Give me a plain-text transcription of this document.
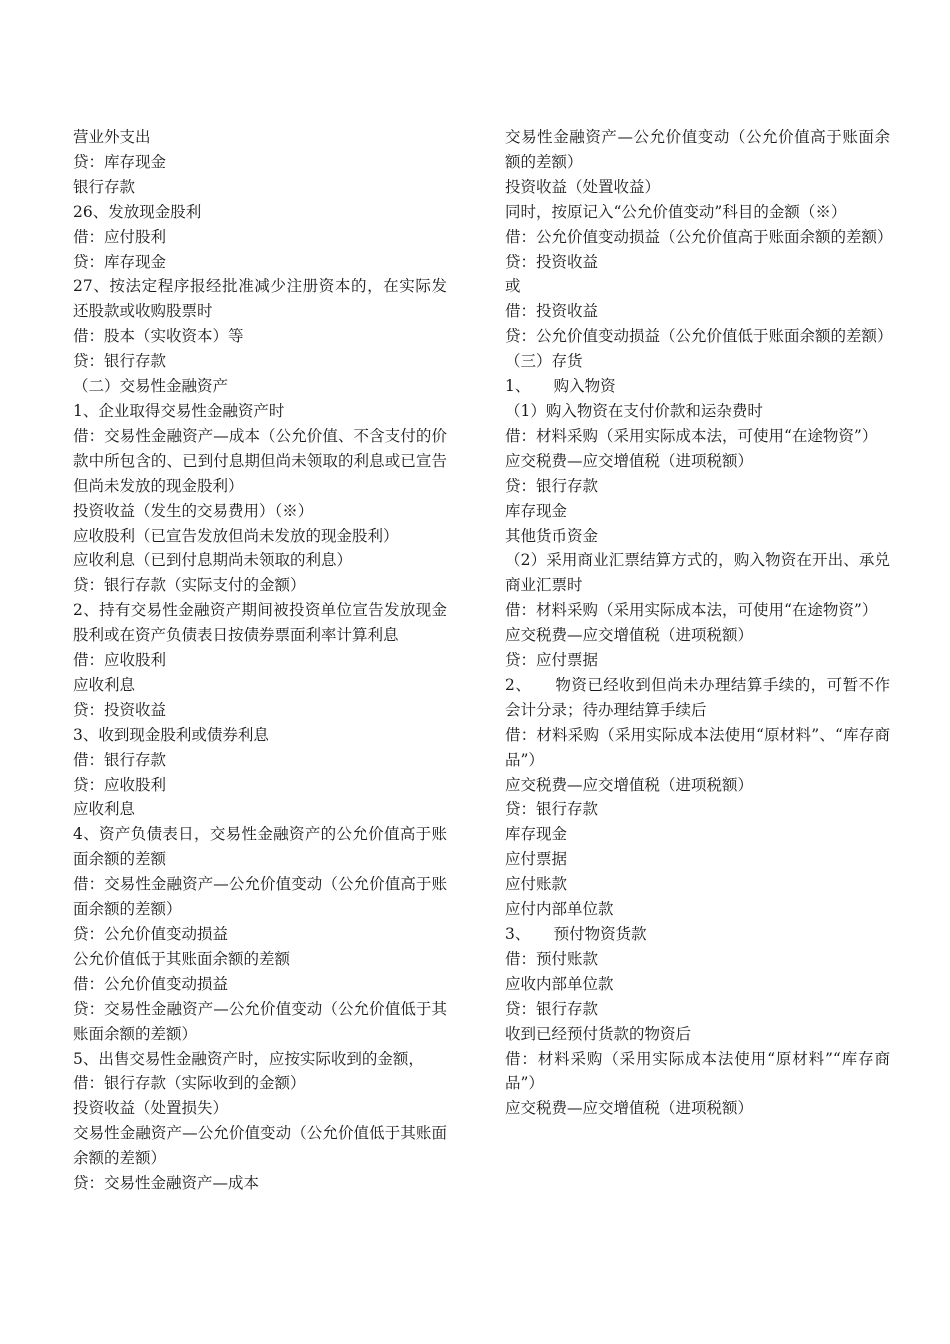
营业外支出

贷：库存现金

银行存款

26、发放现金股利

借：应付股利

贷：库存现金

27、按法定程序报经批准减少注册资本的，在实际发还股款或收购股票时

借：股本（实收资本）等

贷：银行存款

（二）交易性金融资产

1、企业取得交易性金融资产时

借：交易性金融资产—成本（公允价值、不含支付的价款中所包含的、已到付息期但尚未领取的利息或已宣告但尚未发放的现金股利）

投资收益（发生的交易费用）（※）

应收股利（已宣告发放但尚未发放的现金股利）

应收利息（已到付息期尚未领取的利息）

贷：银行存款（实际支付的金额）

2、持有交易性金融资产期间被投资单位宣告发放现金股利或在资产负债表日按债券票面利率计算利息

借：应收股利

应收利息

贷：投资收益

3、收到现金股利或债券利息

借：银行存款

贷：应收股利

应收利息

4、资产负债表日，交易性金融资产的公允价值高于账面余额的差额

借：交易性金融资产—公允价值变动（公允价值高于账面余额的差额）

贷：公允价值变动损益

公允价值低于其账面余额的差额

借：公允价值变动损益

贷：交易性金融资产—公允价值变动（公允价值低于其账面余额的差额）

5、出售交易性金融资产时，应按实际收到的金额，

借：银行存款（实际收到的金额）

投资收益（处置损失）

交易性金融资产—公允价值变动（公允价值低于其账面余额的差额）

贷：交易性金融资产—成本

交易性金融资产—公允价值变动（公允价值高于账面余额的差额）

投资收益（处置收益）

同时，按原记入“公允价值变动”科目的金额（※）

借：公允价值变动损益（公允价值高于账面余额的差额）

贷：投资收益

或

借：投资收益

贷：公允价值变动损益（公允价值低于账面余额的差额）

（三）存货

1、　　购入物资

（1）购入物资在支付价款和运杂费时

借：材料采购（采用实际成本法，可使用“在途物资”）

应交税费—应交增值税（进项税额）

贷：银行存款

库存现金

其他货币资金

（2）采用商业汇票结算方式的，购入物资在开出、承兑商业汇票时

借：材料采购（采用实际成本法，可使用“在途物资”）

应交税费—应交增值税（进项税额）

贷：应付票据

2、　　物资已经收到但尚未办理结算手续的，可暂不作会计分录；待办理结算手续后

借：材料采购（采用实际成本法使用“原材料”、“库存商品”）

应交税费—应交增值税（进项税额）

贷：银行存款

库存现金

应付票据

应付账款

应付内部单位款

3、　　预付物资货款

借：预付账款

应收内部单位款

贷：银行存款

收到已经预付货款的物资后

借：材料采购（采用实际成本法使用“原材料”“库存商品”）

应交税费—应交增值税（进项税额）
